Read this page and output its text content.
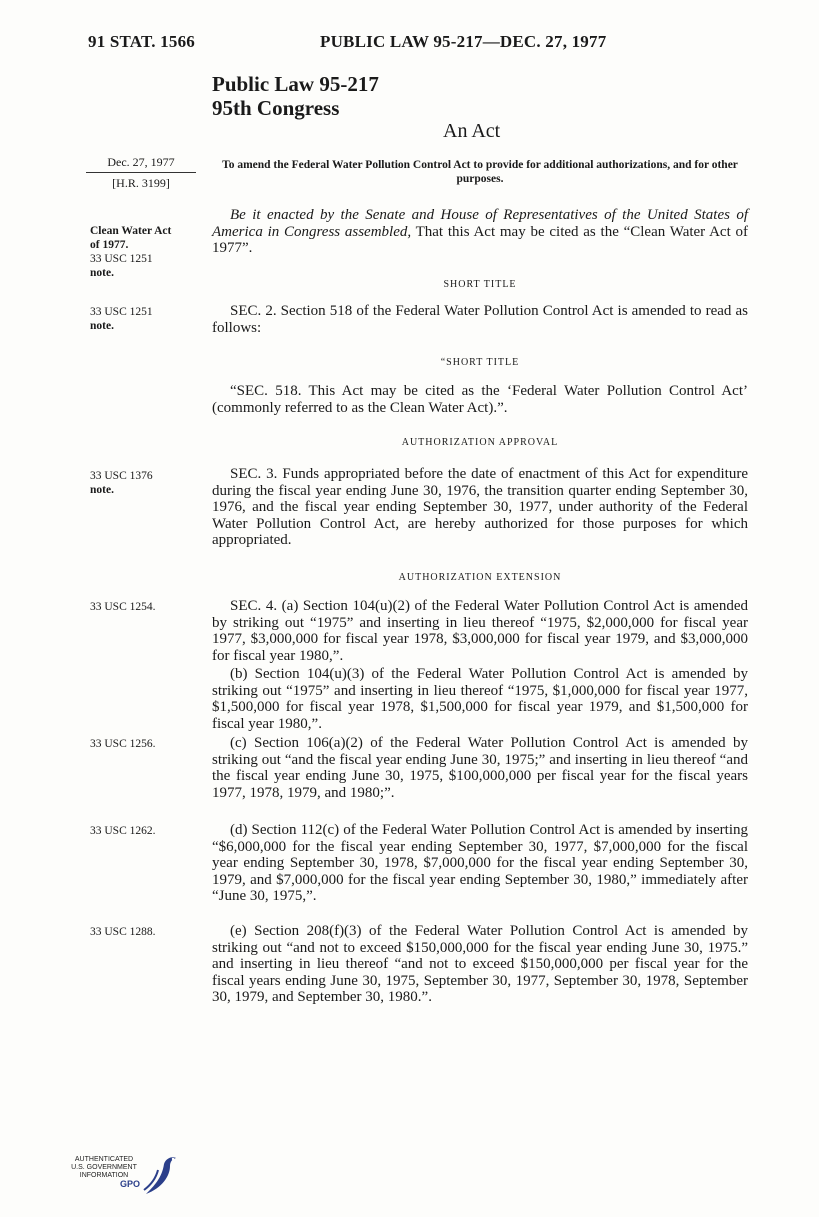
91 STAT. 1566	PUBLIC LAW 95-217—DEC. 27, 1977
Public Law 95-217
95th Congress
An Act
Dec. 27, 1977
[H.R. 3199]
To amend the Federal Water Pollution Control Act to provide for additional authorizations, and for other purposes.
Clean Water Act
of 1977.
33 USC 1251
note.
Be it enacted by the Senate and House of Representatives of the United States of America in Congress assembled, That this Act may be cited as the “Clean Water Act of 1977”.
SHORT TITLE
33 USC 1251
note.
SEC. 2. Section 518 of the Federal Water Pollution Control Act is amended to read as follows:
“SHORT TITLE
“SEC. 518. This Act may be cited as the ‘Federal Water Pollution Control Act’ (commonly referred to as the Clean Water Act).”.
AUTHORIZATION APPROVAL
33 USC 1376
note.
SEC. 3. Funds appropriated before the date of enactment of this Act for expenditure during the fiscal year ending June 30, 1976, the transition quarter ending September 30, 1976, and the fiscal year ending September 30, 1977, under authority of the Federal Water Pollution Control Act, are hereby authorized for those purposes for which appropriated.
AUTHORIZATION EXTENSION
33 USC 1254.	SEC. 4. (a) Section 104(u)(2) of the Federal Water Pollution Control Act is amended by striking out “1975” and inserting in lieu thereof “1975, $2,000,000 for fiscal year 1977, $3,000,000 for fiscal year 1978, $3,000,000 for fiscal year 1979, and $3,000,000 for fiscal year 1980,”.
(b) Section 104(u)(3) of the Federal Water Pollution Control Act is amended by striking out “1975” and inserting in lieu thereof “1975, $1,000,000 for fiscal year 1977, $1,500,000 for fiscal year 1978, $1,500,000 for fiscal year 1979, and $1,500,000 for fiscal year 1980,”.
33 USC 1256.	(c) Section 106(a)(2) of the Federal Water Pollution Control Act is amended by striking out “and the fiscal year ending June 30, 1975;” and inserting in lieu thereof “and the fiscal year ending June 30, 1975, $100,000,000 per fiscal year for the fiscal years 1977, 1978, 1979, and 1980;”.
33 USC 1262.	(d) Section 112(c) of the Federal Water Pollution Control Act is amended by inserting “$6,000,000 for the fiscal year ending September 30, 1977, $7,000,000 for the fiscal year ending September 30, 1978, $7,000,000 for the fiscal year ending September 30, 1979, and $7,000,000 for the fiscal year ending September 30, 1980,” immediately after “June 30, 1975,”.
33 USC 1288.	(e) Section 208(f)(3) of the Federal Water Pollution Control Act is amended by striking out “and not to exceed $150,000,000 for the fiscal year ending June 30, 1975.” and inserting in lieu thereof “and not to exceed $150,000,000 per fiscal year for the fiscal years ending June 30, 1975, September 30, 1977, September 30, 1978, September 30, 1979, and September 30, 1980.”.
AUTHENTICATED
U.S. GOVERNMENT
INFORMATION
GPO
